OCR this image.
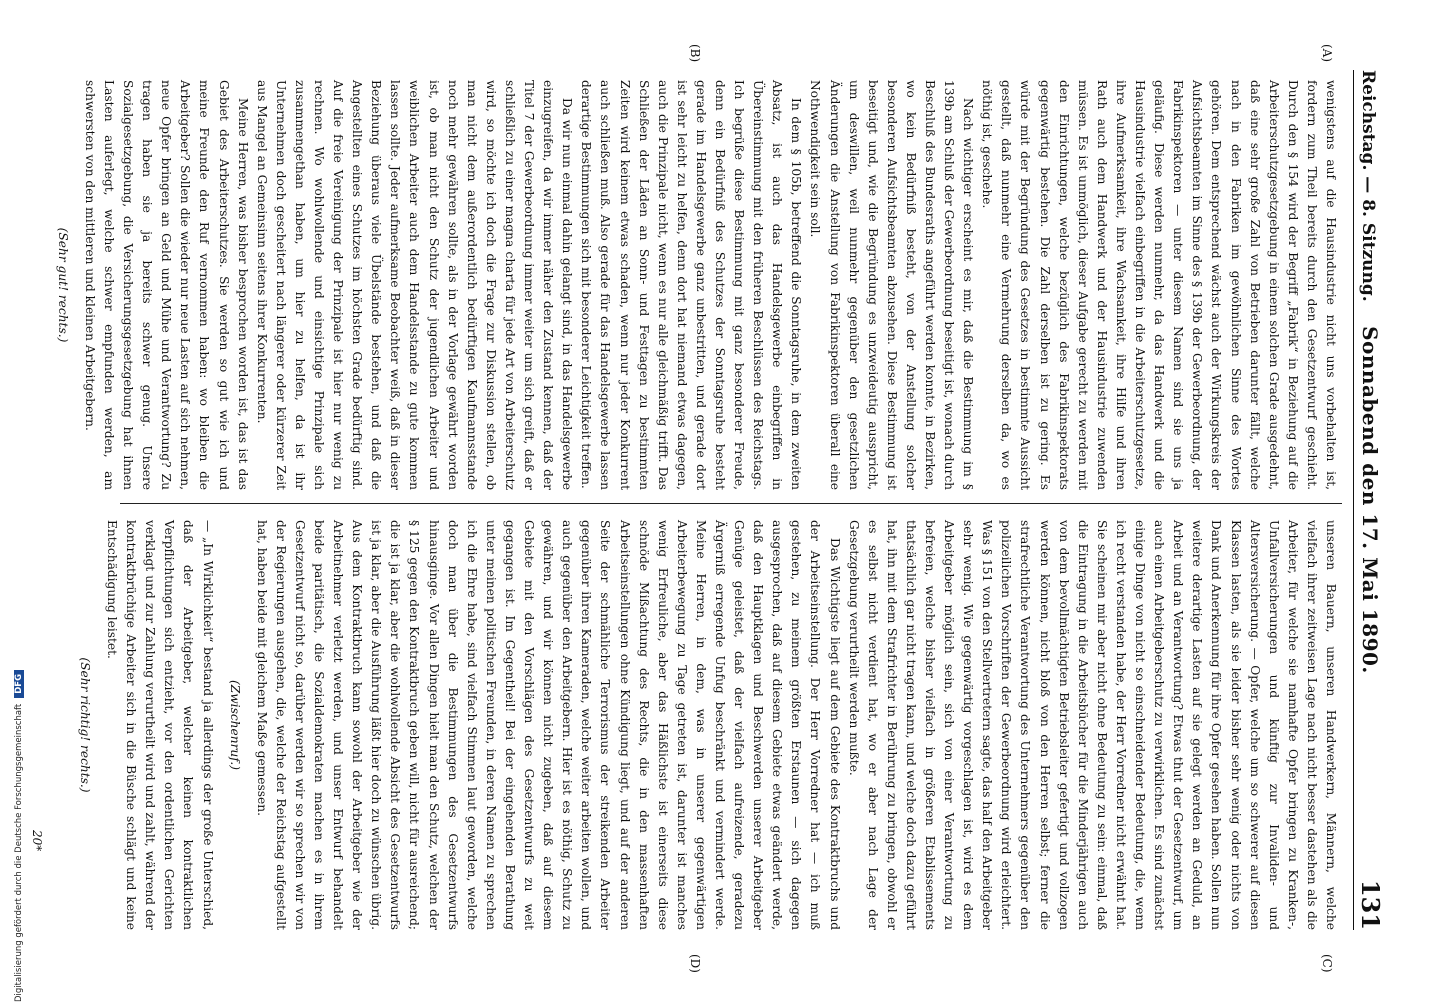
Reichstag. — 8. Sitzung.
Sonnabend den 17. Mai 1890.
131
(A)
(B)
(C)
(D)

wenigstens auf die Hausindustrie nicht uns vorbehalten ist, fordern zum Theil bereits durch den Gesetzentwurf geschieht. Durch den § 154 wird der Begriff „Fabrik“ in Beziehung auf die Arbeiterschutzgesetzgebung in einem solchen Grade ausgedehnt, daß eine sehr große Zahl von Betrieben darunter fällt, welche nach in den Fabriken im gewöhnlichen Sinne des Wortes gehören. Dem entsprechend wächst auch der Wirkungskreis der Aufsichtsbeamten im Sinne des § 139b der Gewerbeordnung, der Fabrikinspektoren — unter diesem Namen sind sie uns ja geläufig. Diese werden nunmehr, da das Handwerk und die Hausindustrie vielfach einbegriffen in die Arbeiterschutzgesetze, ihre Aufmerksamkeit, ihre Wachsamkeit, ihre Hilfe und ihren Rath auch dem Handwerk und der Hausindustrie zuwenden müssen. Es ist unmöglich, dieser Aufgabe gerecht zu werden mit den Einrichtungen, welche bezüglich des Fabrikinspektorats gegenwärtig bestehen. Die Zahl derselben ist zu gering. Es würde mit der Begründung des Gesetzes in bestimmte Aussicht gestellt, daß nunmehr eine Vermehrung derselben da, wo es nöthig ist, geschehe.

Nach wichtiger erscheint es mir, daß die Bestimmung im § 139b am Schluß der Gewerbeordnung beseitigt ist, wonach durch Beschluß des Bundesraths angeführt werden konnte, in Bezirken, wo kein Bedürfniß besteht, von der Anstellung solcher besonderen Aufsichtsbeamten abzusehen. Diese Bestimmung ist beseitigt und, wie die Begründung es unzweideutig ausspricht, um deswillen, weil nunmehr gegenüber den gesetzlichen Änderungen die Anstellung von Fabrikinspektoren überall eine Nothwendigkeit sein soll.

In dem § 105b, betreffend die Sonntagsruhe, in dem zweiten Absatz, ist auch das Handelsgewerbe einbegriffen in Übereinstimmung mit den früheren Beschlüssen des Reichstags. Ich begrüße diese Bestimmung mit ganz besonderer Freude, denn ein Bedürfniß des Schutzes der Sonntagsruhe besteht gerade im Handelsgewerbe ganz unbestritten, und gerade dort ist sehr leicht zu helfen, denn dort hat niemand etwas dagegen, auch die Prinzipale nicht, wenn es nur alle gleichmäßig trifft. Das Schließen der Läden an Sonn- und Festtagen zu bestimmten Zeiten wird keinem etwas schaden, wenn nur jeder Konkurrent auch schließen muß. Also gerade für das Handelsgewerbe lassen derartige Bestimmungen sich mit besonderer Leichtigkeit treffen.

Da wir nun einmal dahin gelangt sind, in das Handelsgewerbe einzugreifen, da wir immer näher den Zustand kennen, daß der Titel 7 der Gewerbeordnung immer weiter um sich greift, daß er schließlich zu einer magna charta für jede Art von Arbeiterschutz wird, so möchte ich doch die Frage zur Diskussion stellen, ob man nicht dem außerordentlich bedürftigen Kaufmannsstande noch mehr gewähren sollte, als in der Vorlage gewährt worden ist, ob man nicht den Schutz der jugendlichen Arbeiter und weiblichen Arbeiter auch dem Handelsstande zu gute kommen lassen sollte. Jeder aufmerksame Beobachter weiß, daß in dieser Beziehung überaus viele Übelstände bestehen, und daß die Angestellten eines Schutzes im höchsten Grade bedürftig sind. Auf die freie Vereinigung der Prinzipale ist hier nur wenig zu rechnen. Wo wohlwollende und einsichtige Prinzipale sich zusammengethan haben, um hier zu helfen, da ist ihr Unternehmen doch gescheitert nach längerer oder kürzerer Zeit aus Mangel an Gemeinsinn seitens ihrer Konkurrenten.

Meine Herren, was bisher besprochen worden ist, das ist das Gebiet des Arbeiterschutzes. Sie werden so gut wie ich und meine Freunde den Ruf vernommen haben: wo bleiben die Arbeitgeber? Sollen die wieder nur neue Lasten auf sich nehmen, neue Opfer bringen an Geld und Mühe und Verantwortung? Zu tragen haben sie ja bereits schwer genug. Unsere Sozialgesetzgebung, die Versicherungsgesetzgebung hat ihnen Lasten auferlegt, welche schwer empfunden werden, am schwersten von den mittleren und kleinen Arbeitgebern.

(Sehr gut! rechts.)

unseren Bauern, unseren Handwerkern, Männern, welche vielfach ihrer zeitweisen Lage nach nicht besser dastehen als die Arbeiter, für welche sie namhafte Opfer bringen zu Kranken-, Unfallversicherungen und künftig zur Invaliden- und Altersversicherung. — Opfer, welche um so schwerer auf diesen Klassen lasten, als sie leider bisher sehr wenig oder nichts von Dank und Anerkennung für ihre Opfer gesehen haben. Sollen nun weitere derartige Lasten auf sie gelegt werden an Geduld, an Arbeit und an Verantwortung? Etwas thut der Gesetzentwurf, um auch einen Arbeitgeberschutz zu verwirklichen. Es sind zunächst einige Dinge von nicht so einschneidender Bedeutung, die, wenn ich recht verstanden habe, der Herr Vorredner nicht erwähnt hat. Sie scheinen mir aber nicht ohne Bedeutung zu sein: einmal, daß die Eintragung in die Arbeitsbücher für die Minderjährigen auch von dem bevollmächtigten Betriebsleiter gefertigt und vollzogen werden können, nicht bloß von den Herren selbst; ferner die strafrechtliche Verantwortung des Unternehmers gegenüber den polizeilichen Vorschriften der Gewerbeordnung wird erleichtert. Was § 151 von den Stellvertretern sagte, das half den Arbeitgeber sehr wenig. Wie gegenwärtig vorgeschlagen ist, wird es dem Arbeitgeber möglich sein, sich von einer Verantwortung zu befreien, welche bisher vielfach in größeren Etablissements thatsächlich gar nicht tragen kann, und welche doch dazu geführt hat, ihn mit dem Strafrichter in Berührung zu bringen, obwohl er es selbst nicht verdient hat, wo er aber nach Lage der Gesetzgebung verurtheilt werden mußte.

Das Wichtigste liegt auf dem Gebiete des Kontraktbruchs und der Arbeitseinstellung. Der Herr Vorredner hat — ich muß gestehen, zu meinem größten Erstaunen — sich dagegen ausgesprochen, daß auf diesem Gebiete etwas geändert werde, daß den Hauptklagen und Beschwerden unserer Arbeitgeber Genüge geleistet, daß der vielfach aufreizende, geradezu Ärgerniß erregende Unfug beschränkt und vermindert werde. Meine Herren, in dem, was in unserer gegenwärtigen Arbeiterbewegung zu Tage getreten ist, darunter ist manches wenig Erfreuliche, aber das Häßlichste ist einerseits diese schnöde Mißachtung des Rechts, die in den massenhaften Arbeitseinstellungen ohne Kündigung liegt, und auf der anderen Seite der schmähliche Terrorismus der streikenden Arbeiter gegenüber ihren Kameraden, welche weiter arbeiten wollen, und auch gegenüber den Arbeitgebern. Hier ist es nöthig, Schutz zu gewähren, und wir können nicht zugeben, daß auf diesem Gebiete mit den Vorschlägen des Gesetzentwurfs zu weit gegangen ist. Im Gegentheil! Bei der eingehenden Berathung unter meinen politischen Freunden, in deren Namen zu sprechen ich die Ehre habe, sind vielfach Stimmen laut geworden, welche doch man über die Bestimmungen des Gesetzentwurfs hinausginge. Vor allen Dingen hielt man den Schutz, welchen der § 125 gegen den Kontraktbruch geben will, nicht für ausreichend; die ist ja klar, aber die wohlwollende Absicht des Gesetzentwurfs ist ja klar, aber die Ausführung läßt hier doch zu wünschen übrig. Aus dem Kontraktbruch kann sowohl der Arbeitgeber wie der Arbeitnehmer verletzt werden, und unser Entwurf behandelt beide paritätisch, die Sozialdemokraten machen es in ihrem Gesetzentwurf nicht so, darüber werden wir so sprechen wir von der Regierungen ausgehen, die, welche der Reichstag aufgestellt hat, haben beide mit gleichem Maße gemessen.

(Zwischenruf.)

— „In Wirklichkeit“ bestand ja allerdings der große Unterschied, daß der Arbeitgeber, welcher keinen kontraktlichen Verpflichtungen sich entzieht, vor den ordentlichen Gerichten verklagt und zur Zahlung verurtheilt wird und zahlt, während der kontraktbrüchige Arbeiter sich in die Büsche schlägt und keine Entschädigung leistet.

(Sehr richtig! rechts.)

20*
Digitalisierung gefördert durch die Deutsche ForschungsgemeinschaftDFG
